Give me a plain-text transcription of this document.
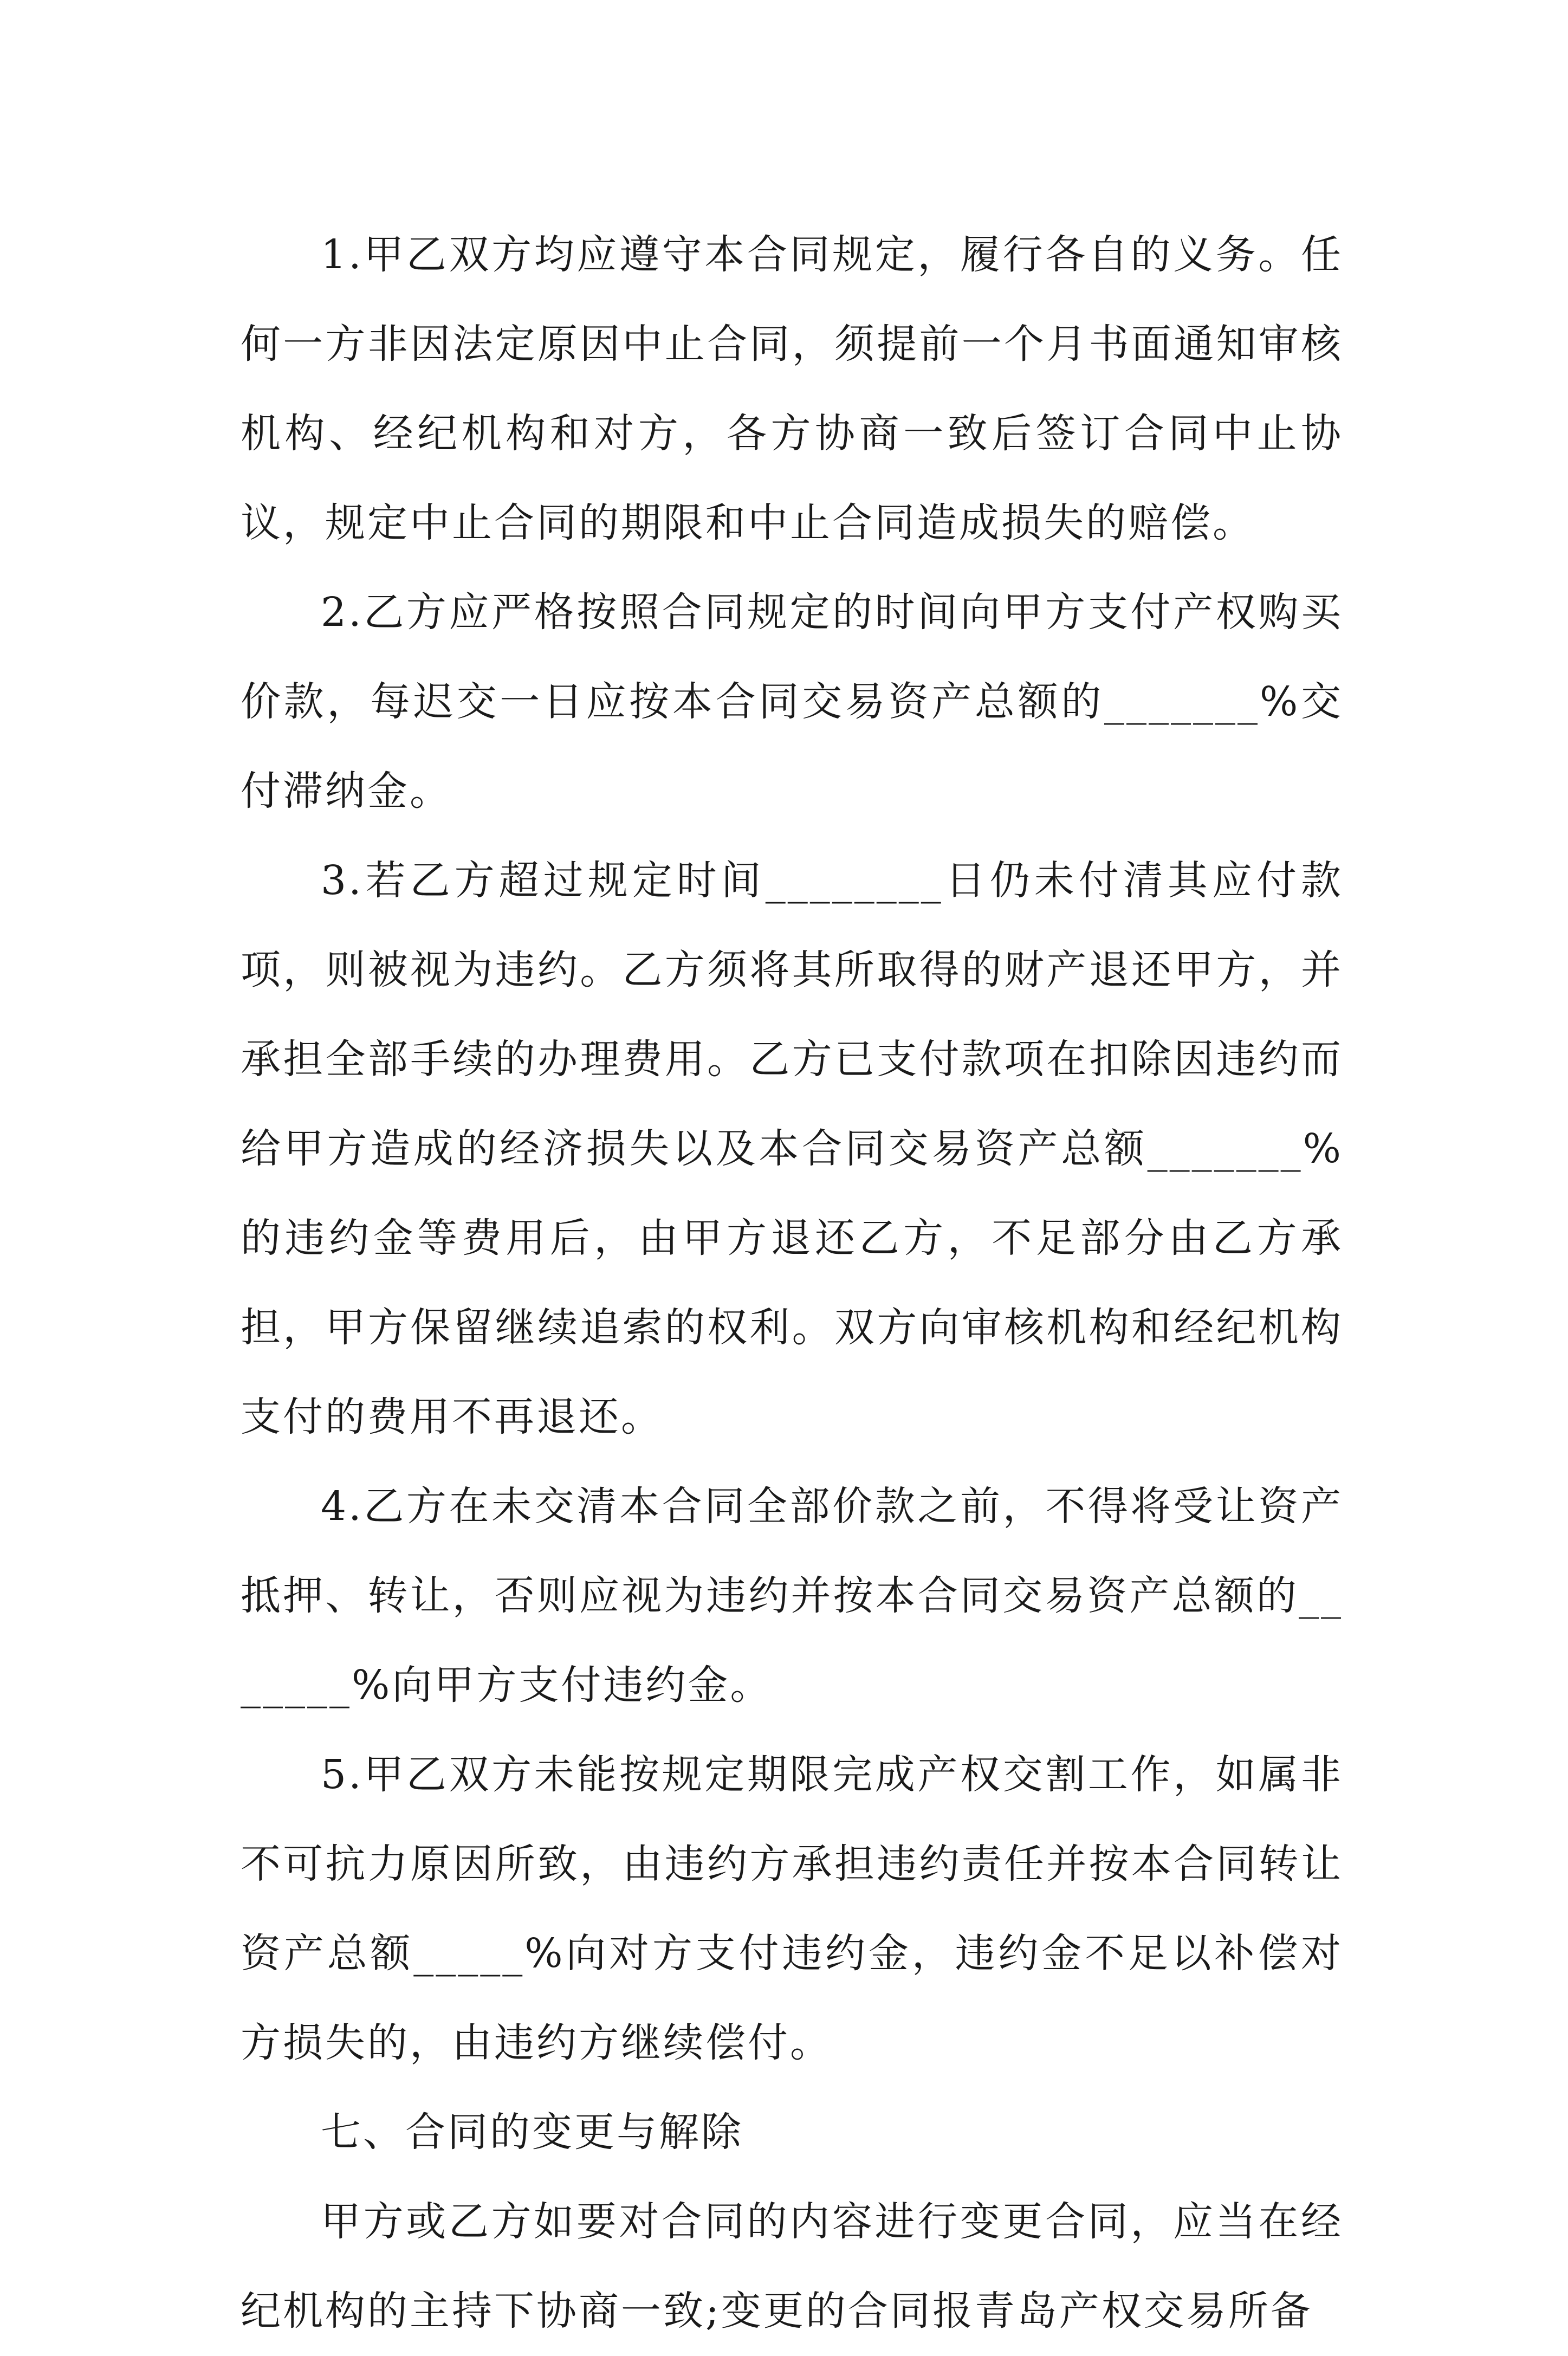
1.甲乙双方均应遵守本合同规定，履行各自的义务。任何一方非因法定原因中止合同，须提前一个月书面通知审核机构、经纪机构和对方，各方协商一致后签订合同中止协议，规定中止合同的期限和中止合同造成损失的赔偿。

2.乙方应严格按照合同规定的时间向甲方支付产权购买价款，每迟交一日应按本合同交易资产总额的_______%交付滞纳金。

3.若乙方超过规定时间________日仍未付清其应付款项，则被视为违约。乙方须将其所取得的财产退还甲方，并承担全部手续的办理费用。乙方已支付款项在扣除因违约而给甲方造成的经济损失以及本合同交易资产总额_______%的违约金等费用后，由甲方退还乙方，不足部分由乙方承担，甲方保留继续追索的权利。双方向审核机构和经纪机构支付的费用不再退还。

4.乙方在未交清本合同全部价款之前，不得将受让资产抵押、转让，否则应视为违约并按本合同交易资产总额的_______%向甲方支付违约金。

5.甲乙双方未能按规定期限完成产权交割工作，如属非不可抗力原因所致，由违约方承担违约责任并按本合同转让资产总额_____%向对方支付违约金，违约金不足以补偿对方损失的，由违约方继续偿付。

七、合同的变更与解除

甲方或乙方如要对合同的内容进行变更合同，应当在经纪机构的主持下协商一致;变更的合同报青岛产权交易所备
